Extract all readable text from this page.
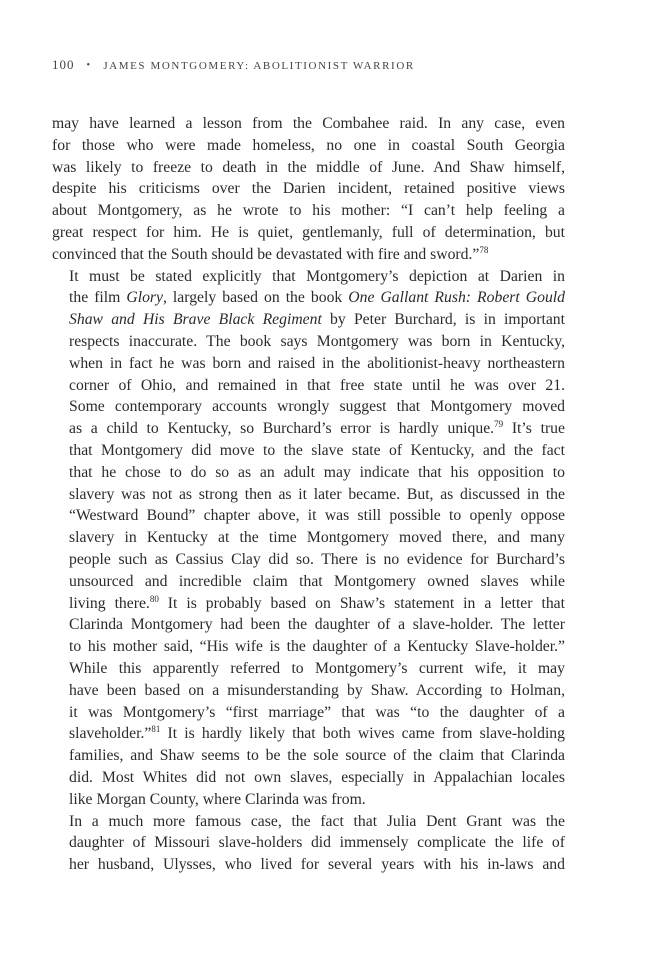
100 • JAMES MONTGOMERY: ABOLITIONIST WARRIOR

may have learned a lesson from the Combahee raid. In any case, even
for those who were made homeless, no one in coastal South Georgia
was likely to freeze to death in the middle of June. And Shaw himself,
despite his criticisms over the Darien incident, retained positive views
about Montgomery, as he wrote to his mother: “I can’t help feeling a
great respect for him. He is quiet, gentlemanly, full of determination, but
convinced that the South should be devastated with fire and sword.”$^{78}$

It must be stated explicitly that Montgomery’s depiction at Darien in
the film Glory, largely based on the book One Gallant Rush: Robert Gould
Shaw and His Brave Black Regiment by Peter Burchard, is in important
respects inaccurate. The book says Montgomery was born in Kentucky,
when in fact he was born and raised in the abolitionist-heavy northeastern
corner of Ohio, and remained in that free state until he was over 21.
Some contemporary accounts wrongly suggest that Montgomery moved
as a child to Kentucky, so Burchard’s error is hardly unique.$^{79}$ It’s true
that Montgomery did move to the slave state of Kentucky, and the fact
that he chose to do so as an adult may indicate that his opposition to
slavery was not as strong then as it later became. But, as discussed in the
“Westward Bound” chapter above, it was still possible to openly oppose
slavery in Kentucky at the time Montgomery moved there, and many
people such as Cassius Clay did so. There is no evidence for Burchard’s
unsourced and incredible claim that Montgomery owned slaves while
living there.$^{80}$ It is probably based on Shaw’s statement in a letter that
Clarinda Montgomery had been the daughter of a slave-holder. The letter
to his mother said, “His wife is the daughter of a Kentucky Slave-holder.”
While this apparently referred to Montgomery’s current wife, it may
have been based on a misunderstanding by Shaw. According to Holman,
it was Montgomery’s “first marriage” that was “to the daughter of a
slaveholder.”$^{81}$ It is hardly likely that both wives came from slave-holding
families, and Shaw seems to be the sole source of the claim that Clarinda
did. Most Whites did not own slaves, especially in Appalachian locales
like Morgan County, where Clarinda was from.

In a much more famous case, the fact that Julia Dent Grant was the
daughter of Missouri slave-holders did immensely complicate the life of
her husband, Ulysses, who lived for several years with his in-laws and
